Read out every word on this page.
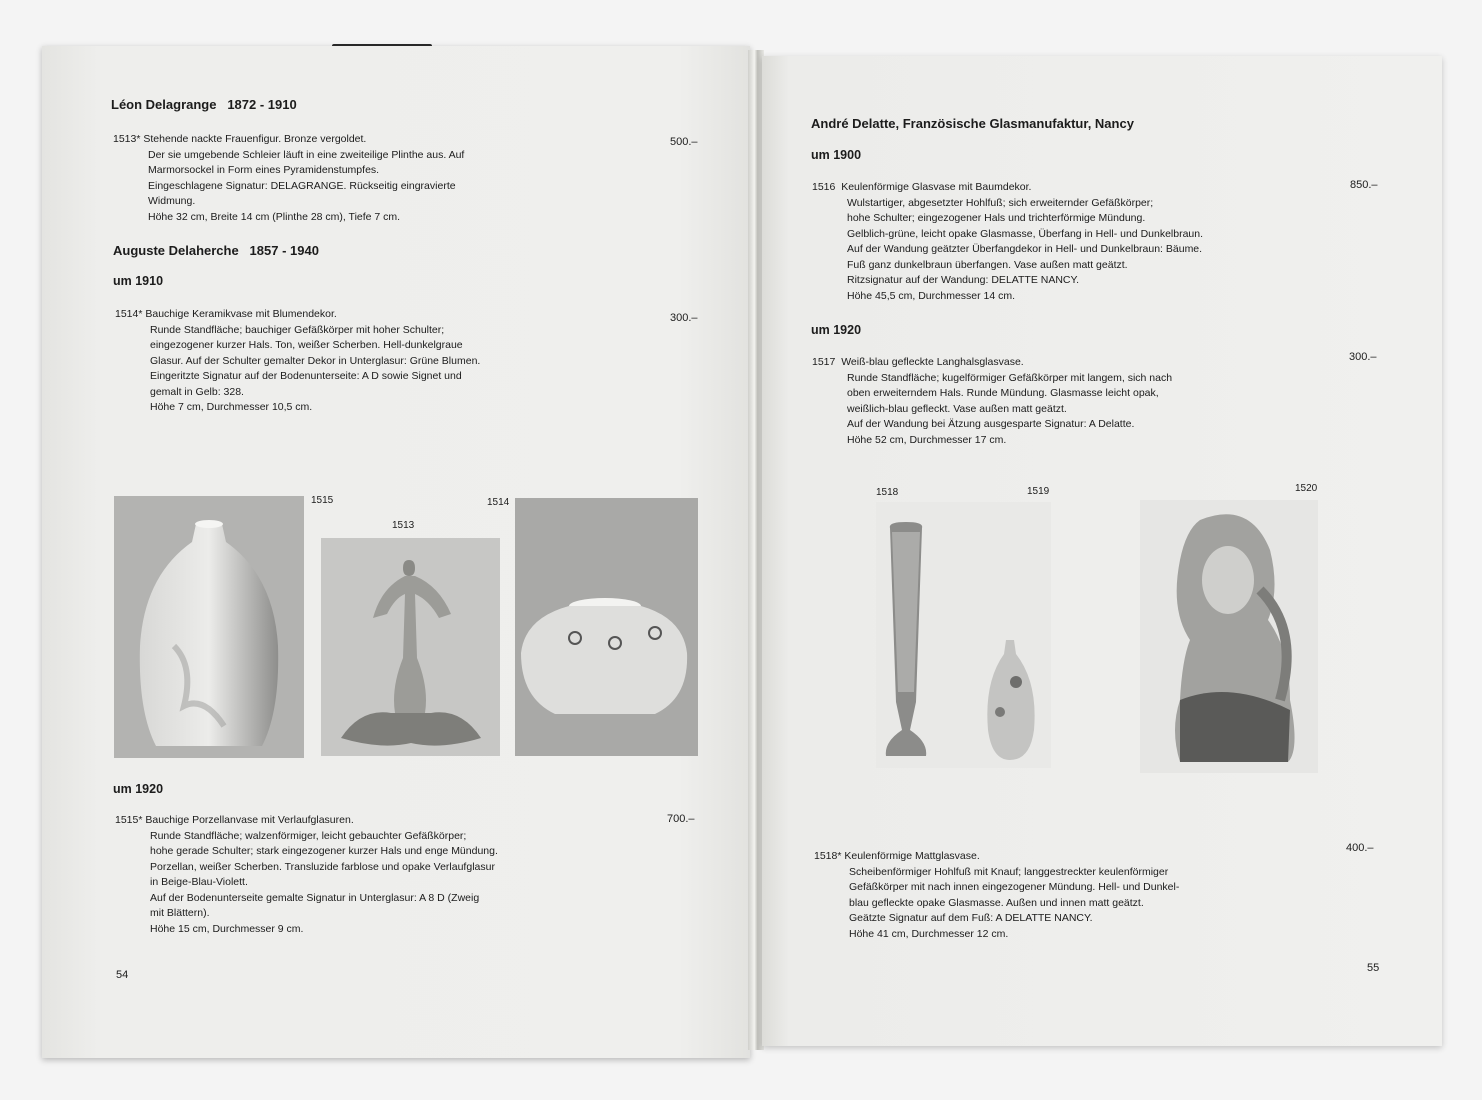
Léon Delagrange 1872 - 1910
1513* Stehende nackte Frauenfigur. Bronze vergoldet.
Der sie umgebende Schleier läuft in eine zweiteilige Plinthe aus. Auf
Marmorsockel in Form eines Pyramidenstumpfes.
Eingeschlagene Signatur: DELAGRANGE. Rückseitig eingravierte
Widmung.
Höhe 32 cm, Breite 14 cm (Plinthe 28 cm), Tiefe 7 cm.
500.–
Auguste Delaherche 1857 - 1940
um 1910
1514* Bauchige Keramikvase mit Blumendekor.
Runde Standfläche; bauchiger Gefäßkörper mit hoher Schulter;
eingezogener kurzer Hals. Ton, weißer Scherben. Hell-dunkelgraue
Glasur. Auf der Schulter gemalter Dekor in Unterglasur: Grüne Blumen.
Eingeritzte Signatur auf der Bodenunterseite: A D sowie Signet und
gemalt in Gelb: 328.
Höhe 7 cm, Durchmesser 10,5 cm.
300.–
1515
1513
1514
um 1920
1515* Bauchige Porzellanvase mit Verlaufglasuren.
Runde Standfläche; walzenförmiger, leicht gebauchter Gefäßkörper;
hohe gerade Schulter; stark eingezogener kurzer Hals und enge Mündung.
Porzellan, weißer Scherben. Transluzide farblose und opake Verlaufglasur
in Beige-Blau-Violett.
Auf der Bodenunterseite gemalte Signatur in Unterglasur: A 8 D (Zweig
mit Blättern).
Höhe 15 cm, Durchmesser 9 cm.
700.–
54
André Delatte, Französische Glasmanufaktur, Nancy
um 1900
1516 Keulenförmige Glasvase mit Baumdekor.
Wulstartiger, abgesetzter Hohlfuß; sich erweiternder Gefäßkörper;
hohe Schulter; eingezogener Hals und trichterförmige Mündung.
Gelblich-grüne, leicht opake Glasmasse, Überfang in Hell- und Dunkelbraun.
Auf der Wandung geätzter Überfangdekor in Hell- und Dunkelbraun: Bäume.
Fuß ganz dunkelbraun überfangen. Vase außen matt geätzt.
Ritzsignatur auf der Wandung: DELATTE NANCY.
Höhe 45,5 cm, Durchmesser 14 cm.
850.–
um 1920
1517 Weiß-blau gefleckte Langhalsglasvase.
Runde Standfläche; kugelförmiger Gefäßkörper mit langem, sich nach
oben erweiterndem Hals. Runde Mündung. Glasmasse leicht opak,
weißlich-blau gefleckt. Vase außen matt geätzt.
Auf der Wandung bei Ätzung ausgesparte Signatur: A Delatte.
Höhe 52 cm, Durchmesser 17 cm.
300.–
1518	1519	1520
1518* Keulenförmige Mattglasvase.
Scheibenförmiger Hohlfuß mit Knauf; langgestreckter keulenförmiger
Gefäßkörper mit nach innen eingezogener Mündung. Hell- und Dunkel-
blau gefleckte opake Glasmasse. Außen und innen matt geätzt.
Geätzte Signatur auf dem Fuß: A DELATTE NANCY.
Höhe 41 cm, Durchmesser 12 cm.
400.–
55
